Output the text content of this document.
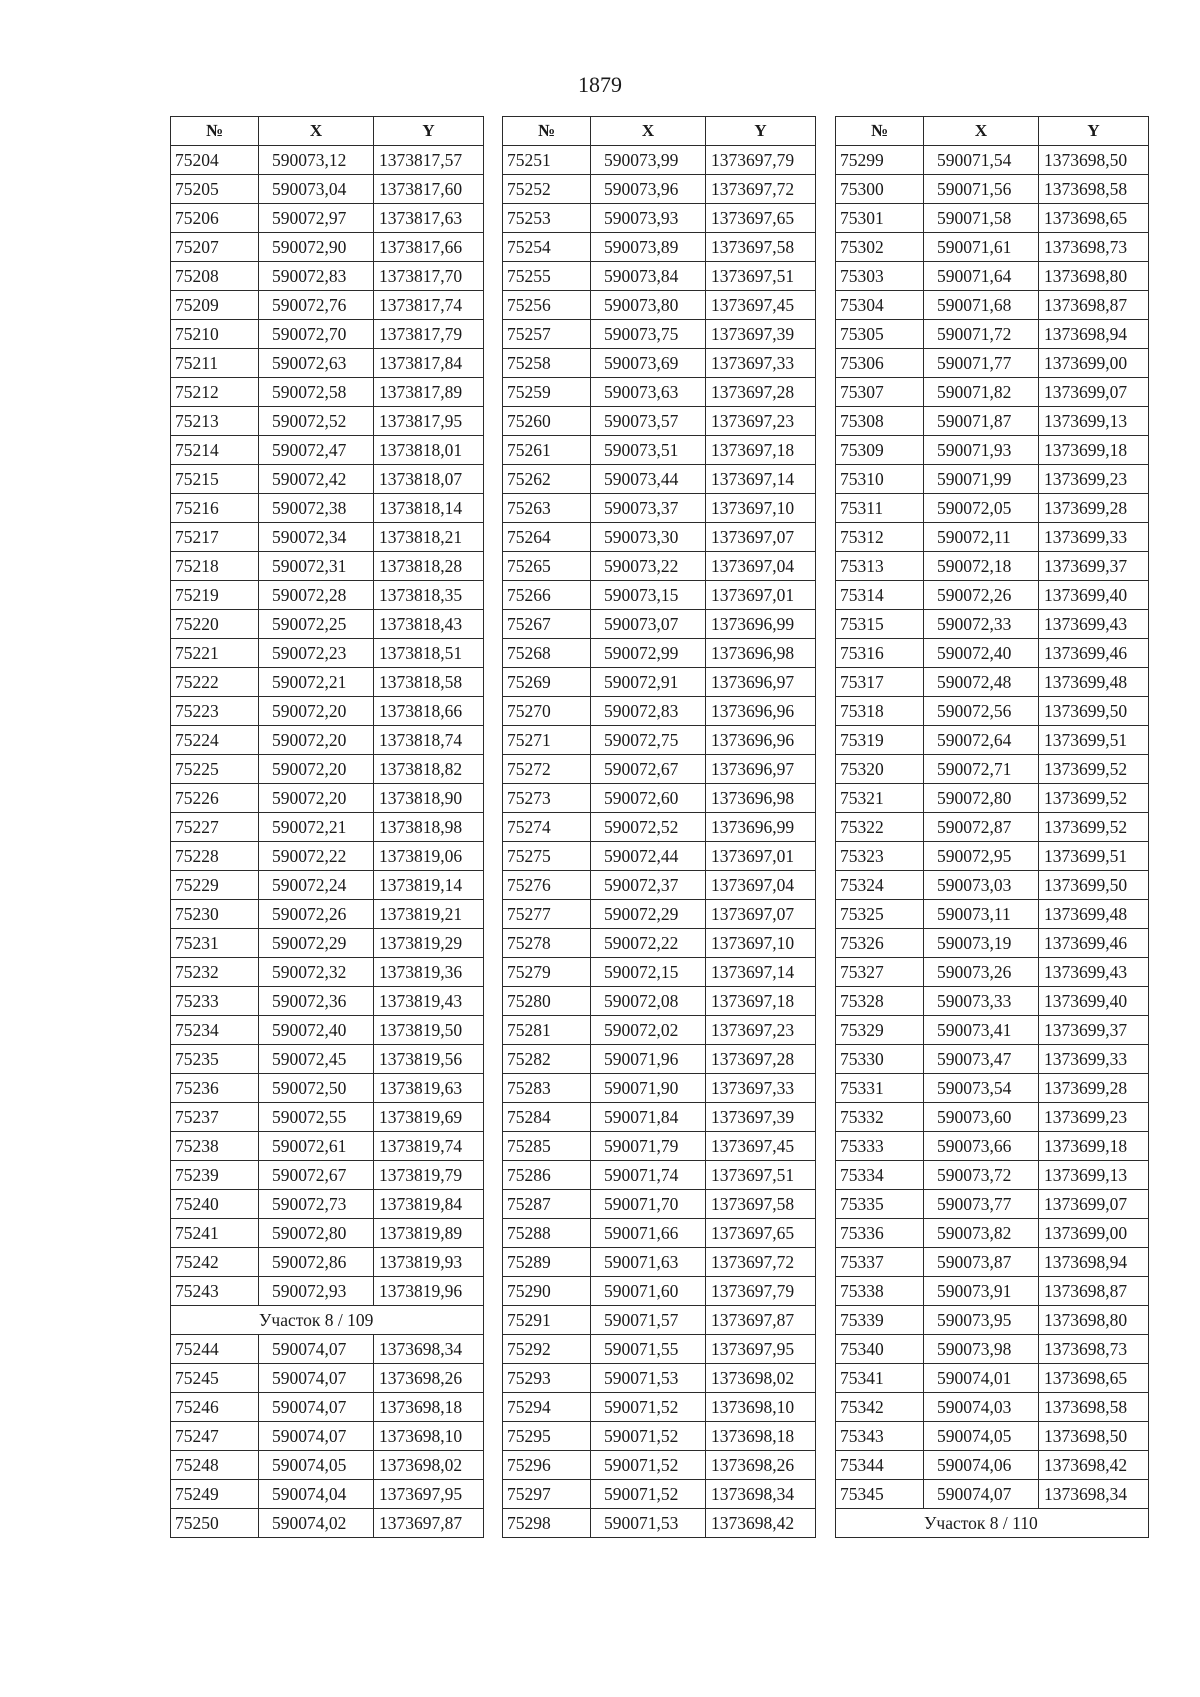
1879
№	X	Y
75204	590073,12	1373817,57
75205	590073,04	1373817,60
75206	590072,97	1373817,63
75207	590072,90	1373817,66
75208	590072,83	1373817,70
75209	590072,76	1373817,74
75210	590072,70	1373817,79
75211	590072,63	1373817,84
75212	590072,58	1373817,89
75213	590072,52	1373817,95
75214	590072,47	1373818,01
75215	590072,42	1373818,07
75216	590072,38	1373818,14
75217	590072,34	1373818,21
75218	590072,31	1373818,28
75219	590072,28	1373818,35
75220	590072,25	1373818,43
75221	590072,23	1373818,51
75222	590072,21	1373818,58
75223	590072,20	1373818,66
75224	590072,20	1373818,74
75225	590072,20	1373818,82
75226	590072,20	1373818,90
75227	590072,21	1373818,98
75228	590072,22	1373819,06
75229	590072,24	1373819,14
75230	590072,26	1373819,21
75231	590072,29	1373819,29
75232	590072,32	1373819,36
75233	590072,36	1373819,43
75234	590072,40	1373819,50
75235	590072,45	1373819,56
75236	590072,50	1373819,63
75237	590072,55	1373819,69
75238	590072,61	1373819,74
75239	590072,67	1373819,79
75240	590072,73	1373819,84
75241	590072,80	1373819,89
75242	590072,86	1373819,93
75243	590072,93	1373819,96
Участок 8 / 109		
75244	590074,07	1373698,34
75245	590074,07	1373698,26
75246	590074,07	1373698,18
75247	590074,07	1373698,10
75248	590074,05	1373698,02
75249	590074,04	1373697,95
75250	590074,02	1373697,87
№	X	Y
75251	590073,99	1373697,79
75252	590073,96	1373697,72
75253	590073,93	1373697,65
75254	590073,89	1373697,58
75255	590073,84	1373697,51
75256	590073,80	1373697,45
75257	590073,75	1373697,39
75258	590073,69	1373697,33
75259	590073,63	1373697,28
75260	590073,57	1373697,23
75261	590073,51	1373697,18
75262	590073,44	1373697,14
75263	590073,37	1373697,10
75264	590073,30	1373697,07
75265	590073,22	1373697,04
75266	590073,15	1373697,01
75267	590073,07	1373696,99
75268	590072,99	1373696,98
75269	590072,91	1373696,97
75270	590072,83	1373696,96
75271	590072,75	1373696,96
75272	590072,67	1373696,97
75273	590072,60	1373696,98
75274	590072,52	1373696,99
75275	590072,44	1373697,01
75276	590072,37	1373697,04
75277	590072,29	1373697,07
75278	590072,22	1373697,10
75279	590072,15	1373697,14
75280	590072,08	1373697,18
75281	590072,02	1373697,23
75282	590071,96	1373697,28
75283	590071,90	1373697,33
75284	590071,84	1373697,39
75285	590071,79	1373697,45
75286	590071,74	1373697,51
75287	590071,70	1373697,58
75288	590071,66	1373697,65
75289	590071,63	1373697,72
75290	590071,60	1373697,79
75291	590071,57	1373697,87
75292	590071,55	1373697,95
75293	590071,53	1373698,02
75294	590071,52	1373698,10
75295	590071,52	1373698,18
75296	590071,52	1373698,26
75297	590071,52	1373698,34
75298	590071,53	1373698,42
№	X	Y
75299	590071,54	1373698,50
75300	590071,56	1373698,58
75301	590071,58	1373698,65
75302	590071,61	1373698,73
75303	590071,64	1373698,80
75304	590071,68	1373698,87
75305	590071,72	1373698,94
75306	590071,77	1373699,00
75307	590071,82	1373699,07
75308	590071,87	1373699,13
75309	590071,93	1373699,18
75310	590071,99	1373699,23
75311	590072,05	1373699,28
75312	590072,11	1373699,33
75313	590072,18	1373699,37
75314	590072,26	1373699,40
75315	590072,33	1373699,43
75316	590072,40	1373699,46
75317	590072,48	1373699,48
75318	590072,56	1373699,50
75319	590072,64	1373699,51
75320	590072,71	1373699,52
75321	590072,80	1373699,52
75322	590072,87	1373699,52
75323	590072,95	1373699,51
75324	590073,03	1373699,50
75325	590073,11	1373699,48
75326	590073,19	1373699,46
75327	590073,26	1373699,43
75328	590073,33	1373699,40
75329	590073,41	1373699,37
75330	590073,47	1373699,33
75331	590073,54	1373699,28
75332	590073,60	1373699,23
75333	590073,66	1373699,18
75334	590073,72	1373699,13
75335	590073,77	1373699,07
75336	590073,82	1373699,00
75337	590073,87	1373698,94
75338	590073,91	1373698,87
75339	590073,95	1373698,80
75340	590073,98	1373698,73
75341	590074,01	1373698,65
75342	590074,03	1373698,58
75343	590074,05	1373698,50
75344	590074,06	1373698,42
75345	590074,07	1373698,34
Участок 8 / 110		
